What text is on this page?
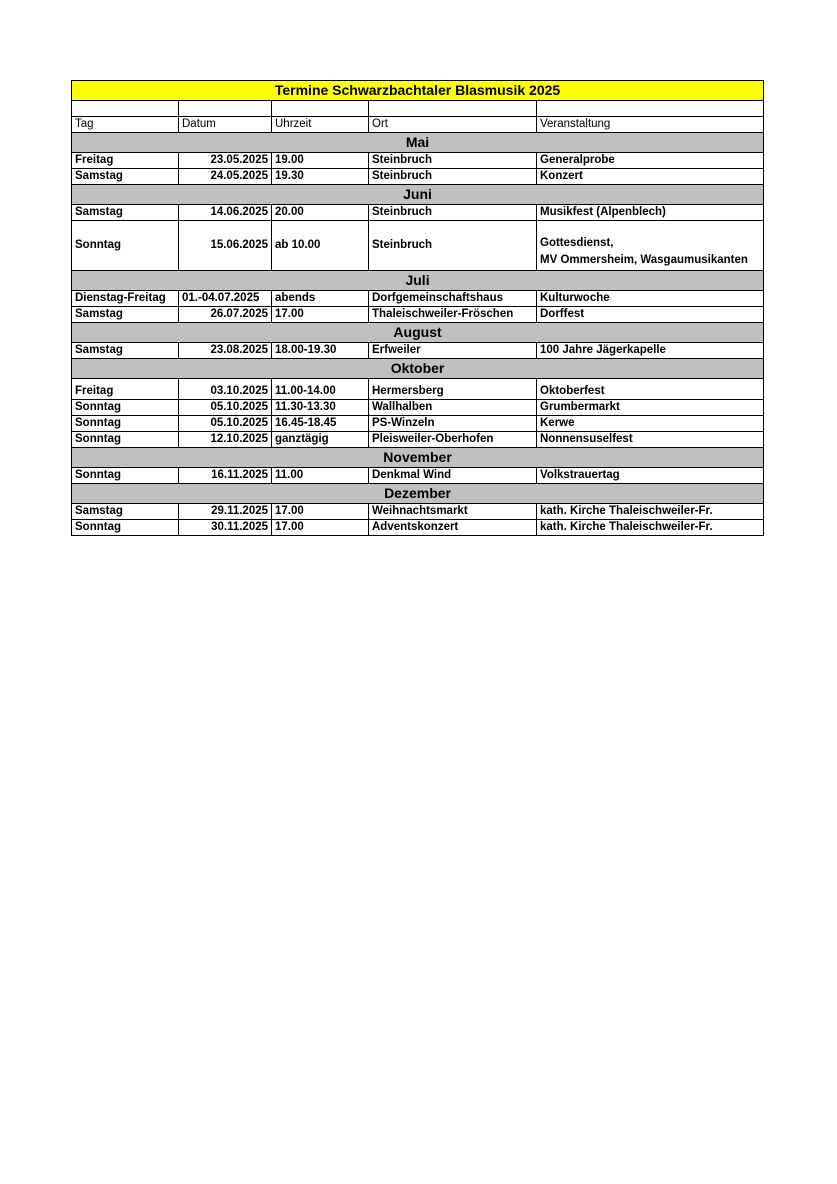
Termine Schwarzbachtaler Blasmusik 2025				

Tag	Datum	Uhrzeit	Ort	Veranstaltung
Mai				
Freitag	23.05.2025	19.00	Steinbruch	Generalprobe
Samstag	24.05.2025	19.30	Steinbruch	Konzert
Juni				
Samstag	14.06.2025	20.00	Steinbruch	Musikfest (Alpenblech)
Sonntag	15.06.2025	ab 10.00	Steinbruch	Gottesdienst,
MV Ommersheim, Wasgaumusikanten

Juli				
Dienstag-Freitag	01.-04.07.2025	abends	Dorfgemeinschaftshaus	Kulturwoche
Samstag	26.07.2025	17.00	Thaleischweiler-Fröschen	Dorffest
August				
Samstag	23.08.2025	18.00-19.30	Erfweiler	100 Jahre Jägerkapelle
Oktober				
Freitag	03.10.2025	11.00-14.00	Hermersberg	Oktoberfest
Sonntag	05.10.2025	11.30-13.30	Wallhalben	Grumbermarkt
Sonntag	05.10.2025	16.45-18.45	PS-Winzeln	Kerwe
Sonntag	12.10.2025	ganztägig	Pleisweiler-Oberhofen	Nonnensuselfest
November				
Sonntag	16.11.2025	11.00	Denkmal Wind	Volkstrauertag
Dezember				
Samstag	29.11.2025	17.00	Weihnachtsmarkt	kath. Kirche Thaleischweiler-Fr.
Sonntag	30.11.2025	17.00	Adventskonzert	kath. Kirche Thaleischweiler-Fr.
